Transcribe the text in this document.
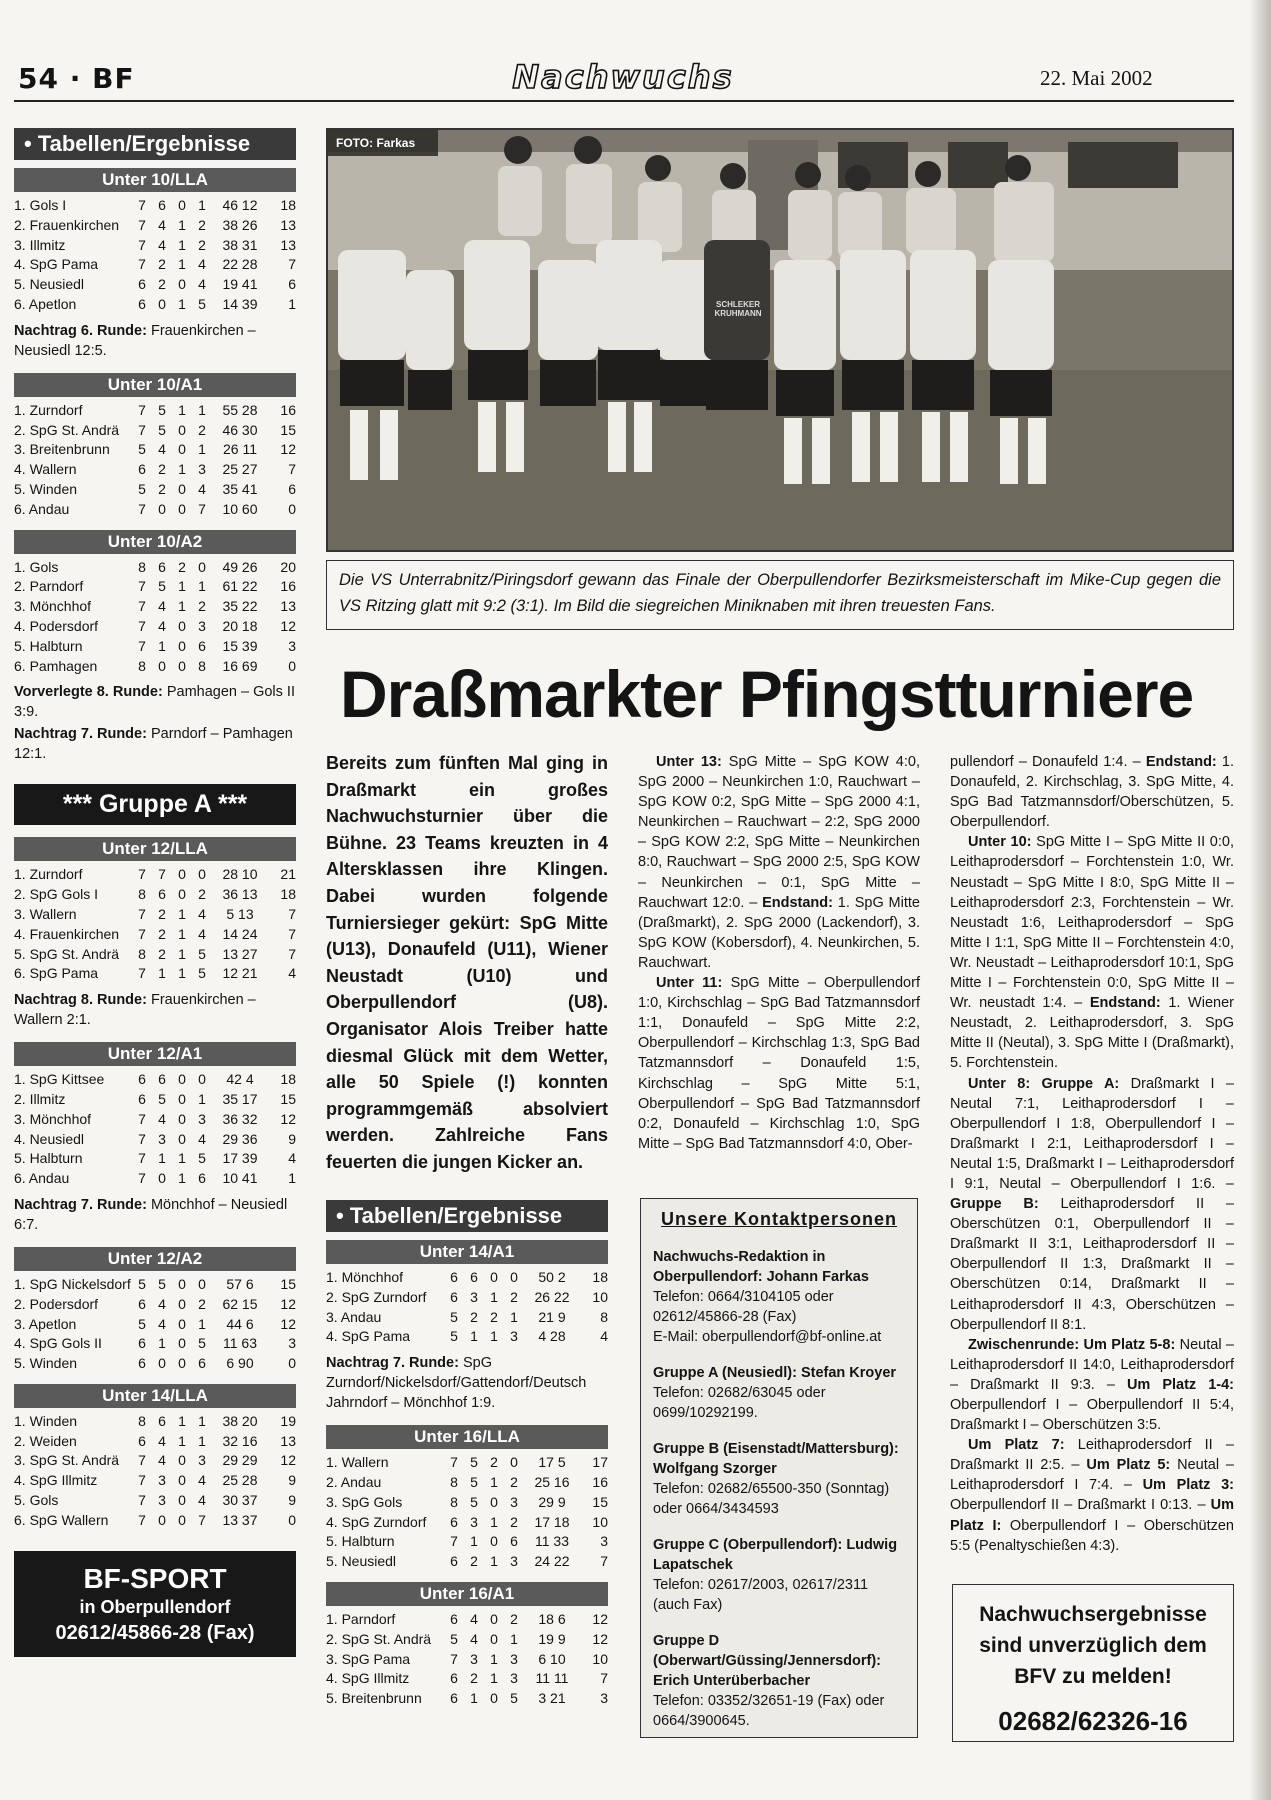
54 · BF	Nachwuchs	22. Mai 2002
• Tabellen/Ergebnisse
Unter 10/LLA
1. Gols I	7 6 0 1	46 12	18
2. Frauenkirchen	7 4 1 2	38 26	13
3. Illmitz	7 4 1 2	38 31	13
4. SpG Pama	7 2 1 4	22 28	7
5. Neusiedl	6 2 0 4	19 41	6
6. Apetlon	6 0 1 5	14 39	1
Nachtrag 6. Runde: Frauenkirchen – Neusiedl 12:5.
Unter 10/A1
1. Zurndorf	7 5 1 1	55 28	16
2. SpG St. Andrä	7 5 0 2	46 30	15
3. Breitenbrunn	5 4 0 1	26 11	12
4. Wallern	6 2 1 3	25 27	7
5. Winden	5 2 0 4	35 41	6
6. Andau	7 0 0 7	10 60	0
Unter 10/A2
1. Gols	8 6 2 0	49 26	20
2. Parndorf	7 5 1 1	61 22	16
3. Mönchhof	7 4 1 2	35 22	13
4. Podersdorf	7 4 0 3	20 18	12
5. Halbturn	7 1 0 6	15 39	3
6. Pamhagen	8 0 0 8	16 69	0
Vorverlegte 8. Runde: Pamhagen – Gols II 3:9.
Nachtrag 7. Runde: Parndorf – Pamhagen 12:1.
*** Gruppe A ***
Unter 12/LLA
1. Zurndorf	7 7 0 0	28 10	21
2. SpG Gols I	8 6 0 2	36 13	18
3. Wallern	7 2 1 4	5 13	7
4. Frauenkirchen	7 2 1 4	14 24	7
5. SpG St. Andrä	8 2 1 5	13 27	7
6. SpG Pama	7 1 1 5	12 21	4
Nachtrag 8. Runde: Frauenkirchen – Wallern 2:1.
Unter 12/A1
1. SpG Kittsee	6 6 0 0	42 4	18
2. Illmitz	6 5 0 1	35 17	15
3. Mönchhof	7 4 0 3	36 32	12
4. Neusiedl	7 3 0 4	29 36	9
5. Halbturn	7 1 1 5	17 39	4
6. Andau	7 0 1 6	10 41	1
Nachtrag 7. Runde: Mönchhof – Neusiedl 6:7.
Unter 12/A2
1. SpG Nickelsdorf 5 5 0 0	57 6	15
2. Podersdorf	6 4 0 2	62 15	12
3. Apetlon	5 4 0 1	44 6	12
4. SpG Gols II	6 1 0 5	11 63	3
5. Winden	6 0 0 6	6 90	0
Unter 14/LLA
1. Winden	8 6 1 1	38 20	19
2. Weiden	6 4 1 1	32 16	13
3. SpG St. Andrä	7 4 0 3	29 29	12
4. SpG Illmitz	7 3 0 4	25 28	9
5. Gols	7 3 0 4	30 37	9
6. SpG Wallern	7 0 0 7	13 37	0
BF-SPORT
in Oberpullendorf
02612/45866-28 (Fax)
FOTO: Farkas
SCHLEKER KRUHMANN
Die VS Unterrabnitz/Piringsdorf gewann das Finale der Oberpullendorfer Bezirksmeisterschaft im Mike-Cup gegen die VS Ritzing glatt mit 9:2 (3:1). Im Bild die siegreichen Miniknaben mit ihren treuesten Fans.
Draßmarkter Pfingstturniere
Bereits zum fünften Mal ging in Draßmarkt ein großes Nachwuchsturnier über die Bühne. 23 Teams kreuzten in 4 Altersklassen ihre Klingen. Dabei wurden folgende Turniersieger gekürt: SpG Mitte (U13), Donaufeld (U11), Wiener Neustadt (U10) und Oberpullendorf (U8). Organisator Alois Treiber hatte diesmal Glück mit dem Wetter, alle 50 Spiele (!) konnten programmgemäß absolviert werden. Zahlreiche Fans feuerten die jungen Kicker an.
• Tabellen/Ergebnisse
Unter 14/A1
1. Mönchhof	6 6 0 0	50 2	18
2. SpG Zurndorf	6 3 1 2	26 22	10
3. Andau	5 2 2 1	21 9	8
4. SpG Pama	5 1 1 3	4 28	4
Nachtrag 7. Runde: SpG Zurndorf/Nickelsdorf/Gattendorf/Deutsch Jahrndorf – Mönchhof 1:9.
Unter 16/LLA
1. Wallern	7 5 2 0	17 5	17
2. Andau	8 5 1 2	25 16	16
3. SpG Gols	8 5 0 3	29 9	15
4. SpG Zurndorf	6 3 1 2	17 18	10
5. Halbturn	7 1 0 6	11 33	3
5. Neusiedl	6 2 1 3	24 22	7
Unter 16/A1
1. Parndorf	6 4 0 2	18 6	12
2. SpG St. Andrä	5 4 0 1	19 9	12
3. SpG Pama	7 3 1 3	6 10	10
4. SpG Illmitz	6 2 1 3	11 11	7
5. Breitenbrunn	6 1 0 5	3 21	3

Unter 13: SpG Mitte – SpG KOW 4:0, SpG 2000 – Neunkirchen 1:0, Rauchwart – SpG KOW 0:2, SpG Mitte – SpG 2000 4:1, Neunkirchen – Rauchwart – 2:2, SpG 2000 – SpG KOW 2:2, SpG Mitte – Neunkirchen 8:0, Rauchwart – SpG 2000 2:5, SpG KOW – Neunkirchen – 0:1, SpG Mitte – Rauchwart 12:0. – Endstand: 1. SpG Mitte (Draßmarkt), 2. SpG 2000 (Lackendorf), 3. SpG KOW (Kobersdorf), 4. Neunkirchen, 5. Rauchwart.

Unter 11: SpG Mitte – Oberpullendorf 1:0, Kirchschlag – SpG Bad Tatzmannsdorf 1:1, Donaufeld – SpG Mitte 2:2, Oberpullendorf – Kirchschlag 1:3, SpG Bad Tatzmannsdorf – Donaufeld 1:5, Kirchschlag – SpG Mitte 5:1, Oberpullendorf – SpG Bad Tatzmannsdorf 0:2, Donaufeld – Kirchschlag 1:0, SpG Mitte – SpG Bad Tatzmannsdorf 4:0, Ober-

Unsere Kontaktpersonen
Nachwuchs-Redaktion in Oberpullendorf: Johann Farkas
Telefon: 0664/3104105 oder 02612/45866-28 (Fax)
E-Mail: oberpullendorf@bf-online.at
Gruppe A (Neusiedl): Stefan Kroyer
Telefon: 02682/63045 oder 0699/10292199.
Gruppe B (Eisenstadt/Mattersburg): Wolfgang Szorger
Telefon: 02682/65500-350 (Sonntag) oder 0664/3434593
Gruppe C (Oberpullendorf): Ludwig Lapatschek
Telefon: 02617/2003, 02617/2311 (auch Fax)
Gruppe D (Oberwart/Güssing/Jennersdorf): Erich Unterüberbacher
Telefon: 03352/32651-19 (Fax) oder 0664/3900645.

pullendorf – Donaufeld 1:4. – Endstand: 1. Donaufeld, 2. Kirchschlag, 3. SpG Mitte, 4. SpG Bad Tatzmannsdorf/Oberschützen, 5. Oberpullendorf.

Unter 10: SpG Mitte I – SpG Mitte II 0:0, Leithaprodersdorf – Forchtenstein 1:0, Wr. Neustadt – SpG Mitte I 8:0, SpG Mitte II – Leithaprodersdorf 2:3, Forchtenstein – Wr. Neustadt 1:6, Leithaprodersdorf – SpG Mitte I 1:1, SpG Mitte II – Forchtenstein 4:0, Wr. Neustadt – Leithaprodersdorf 10:1, SpG Mitte I – Forchtenstein 0:0, SpG Mitte II – Wr. neustadt 1:4. – Endstand: 1. Wiener Neustadt, 2. Leithaprodersdorf, 3. SpG Mitte II (Neutal), 3. SpG Mitte I (Draßmarkt), 5. Forchtenstein.

Unter 8: Gruppe A: Draßmarkt I – Neutal 7:1, Leithaprodersdorf I – Oberpullendorf I 1:8, Oberpullendorf I – Draßmarkt I 2:1, Leithaprodersdorf I – Neutal 1:5, Draßmarkt I – Leithaprodersdorf I 9:1, Neutal – Oberpullendorf I 1:6. – Gruppe B: Leithaprodersdorf II – Oberschützen 0:1, Oberpullendorf II – Draßmarkt II 3:1, Leithaprodersdorf II – Oberpullendorf II 1:3, Draßmarkt II – Oberschützen 0:14, Draßmarkt II – Leithaprodersdorf II 4:3, Oberschützen – Oberpullendorf II 8:1.

Zwischenrunde: Um Platz 5-8: Neutal – Leithaprodersdorf II 14:0, Leithaprodersdorf – Draßmarkt II 9:3. – Um Platz 1-4: Oberpullendorf I – Oberpullendorf II 5:4, Draßmarkt I – Oberschützen 3:5.

Um Platz 7: Leithaprodersdorf II – Draßmarkt II 2:5. – Um Platz 5: Neutal – Leithaprodersdorf I 7:4. – Um Platz 3: Oberpullendorf II – Draßmarkt I 0:13. – Um Platz I: Oberpullendorf I – Oberschützen 5:5 (Penaltyschießen 4:3).

Nachwuchsergebnisse
sind unverzüglich dem
BFV zu melden!
02682/62326-16
